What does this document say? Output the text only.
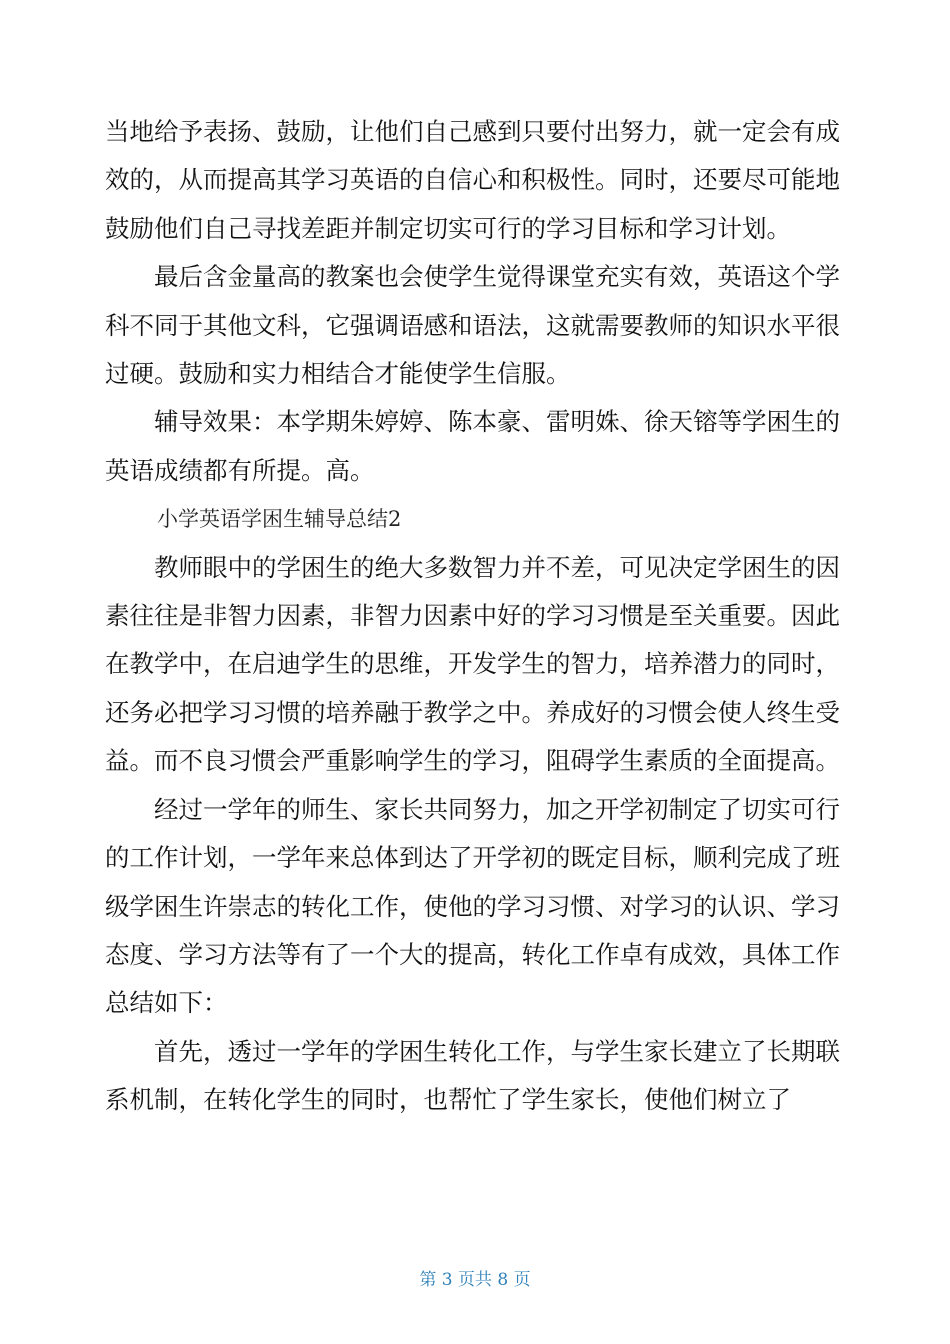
当地给予表扬、鼓励，让他们自己感到只要付出努力，就一定会有成效的，从而提高其学习英语的自信心和积极性。同时，还要尽可能地鼓励他们自己寻找差距并制定切实可行的学习目标和学习计划。

最后含金量高的教案也会使学生觉得课堂充实有效，英语这个学科不同于其他文科，它强调语感和语法，这就需要教师的知识水平很过硬。鼓励和实力相结合才能使学生信服。

辅导效果：本学期朱婷婷、陈本豪、雷明姝、徐天镕等学困生的英语成绩都有所提。高。

小学英语学困生辅导总结2

教师眼中的学困生的绝大多数智力并不差，可见决定学困生的因素往往是非智力因素，非智力因素中好的学习习惯是至关重要。因此在教学中，在启迪学生的思维，开发学生的智力，培养潜力的同时，还务必把学习习惯的培养融于教学之中。养成好的习惯会使人终生受益。而不良习惯会严重影响学生的学习，阻碍学生素质的全面提高。

经过一学年的师生、家长共同努力，加之开学初制定了切实可行的工作计划，一学年来总体到达了开学初的既定目标，顺利完成了班级学困生许崇志的转化工作，使他的学习习惯、对学习的认识、学习态度、学习方法等有了一个大的提高，转化工作卓有成效，具体工作总结如下：

首先，透过一学年的学困生转化工作，与学生家长建立了长期联系机制，在转化学生的同时，也帮忙了学生家长，使他们树立了

第 3 页共 8 页
